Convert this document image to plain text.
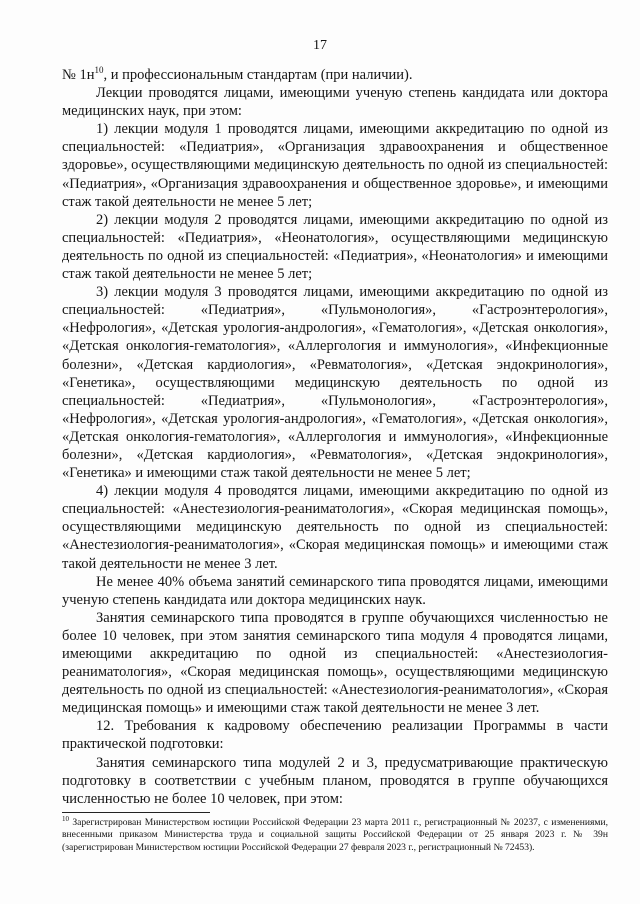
17

№ $1н^{10}$, и профессиональным стандартам (при наличии).

Лекции проводятся лицами, имеющими ученую степень кандидата или доктора медицинских наук, при этом:

1) лекции модуля 1 проводятся лицами, имеющими аккредитацию по одной из специальностей: «Педиатрия», «Организация здравоохранения и общественное здоровье», осуществляющими медицинскую деятельность по одной из специальностей: «Педиатрия», «Организация здравоохранения и общественное здоровье», и имеющими стаж такой деятельности не менее 5 лет;

2) лекции модуля 2 проводятся лицами, имеющими аккредитацию по одной из специальностей: «Педиатрия», «Неонатология», осуществляющими медицинскую деятельность по одной из специальностей: «Педиатрия», «Неонатология» и имеющими стаж такой деятельности не менее 5 лет;

3) лекции модуля 3 проводятся лицами, имеющими аккредитацию по одной из специальностей: «Педиатрия», «Пульмонология», «Гастроэнтерология», «Нефрология», «Детская урология-андрология», «Гематология», «Детская онкология», «Детская онкология-гематология», «Аллергология и иммунология», «Инфекционные болезни», «Детская кардиология», «Ревматология», «Детская эндокринология», «Генетика», осуществляющими медицинскую деятельность по одной из специальностей: «Педиатрия», «Пульмонология», «Гастроэнтерология», «Нефрология», «Детская урология-андрология», «Гематология», «Детская онкология», «Детская онкология-гематология», «Аллергология и иммунология», «Инфекционные болезни», «Детская кардиология», «Ревматология», «Детская эндокринология», «Генетика» и имеющими стаж такой деятельности не менее 5 лет;

4) лекции модуля 4 проводятся лицами, имеющими аккредитацию по одной из специальностей: «Анестезиология-реаниматология», «Скорая медицинская помощь», осуществляющими медицинскую деятельность по одной из специальностей: «Анестезиология-реаниматология», «Скорая медицинская помощь» и имеющими стаж такой деятельности не менее 3 лет.

Не менее 40% объема занятий семинарского типа проводятся лицами, имеющими ученую степень кандидата или доктора медицинских наук.

Занятия семинарского типа проводятся в группе обучающихся численностью не более 10 человек, при этом занятия семинарского типа модуля 4 проводятся лицами, имеющими аккредитацию по одной из специальностей: «Анестезиология-реаниматология», «Скорая медицинская помощь», осуществляющими медицинскую деятельность по одной из специальностей: «Анестезиология-реаниматология», «Скорая медицинская помощь» и имеющими стаж такой деятельности не менее 3 лет.

12. Требования к кадровому обеспечению реализации Программы в части практической подготовки:

Занятия семинарского типа модулей 2 и 3, предусматривающие практическую подготовку в соответствии с учебным планом, проводятся в группе обучающихся численностью не более 10 человек, при этом:

$^{10}$ Зарегистрирован Министерством юстиции Российской Федерации 23 марта 2011 г., регистрационный № 20237, с изменениями, внесенными приказом Министерства труда и социальной защиты Российской Федерации от 25 января 2023 г. № 39н (зарегистрирован Министерством юстиции Российской Федерации 27 февраля 2023 г., регистрационный № 72453).
